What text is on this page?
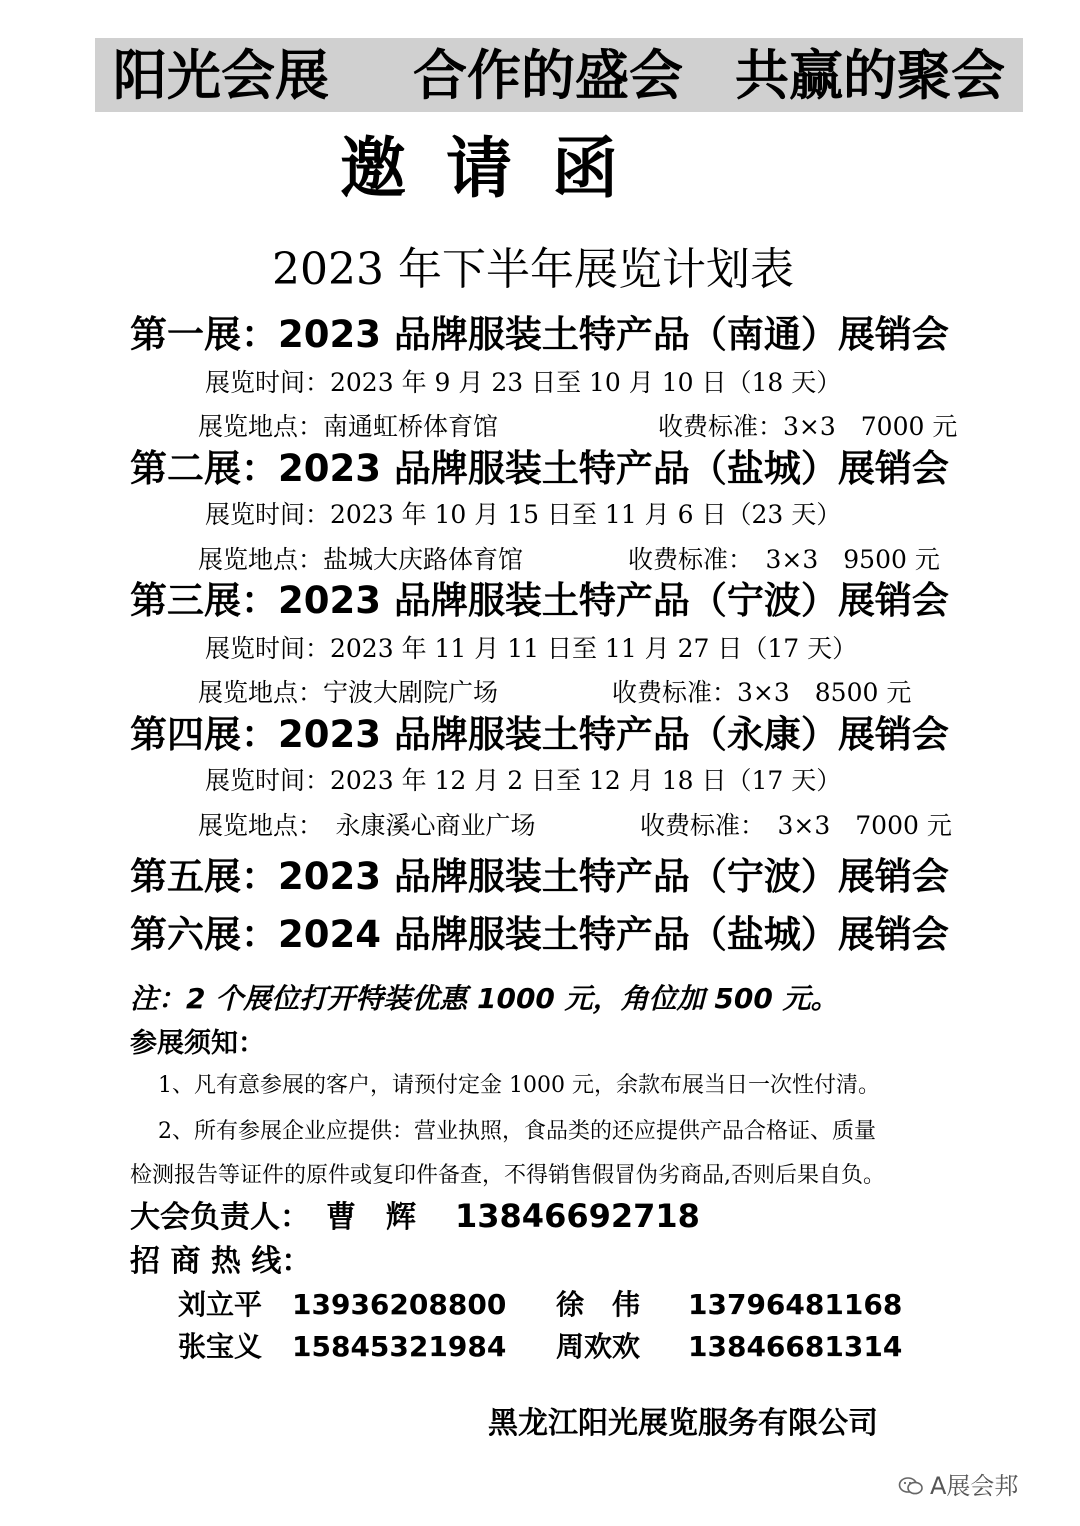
阳光会展 合作的盛会 共赢的聚会
邀请函
2023 年下半年展览计划表
第一展：2023 品牌服装土特产品（南通）展销会
展览时间：2023 年 9 月 23 日至 10 月 10 日（18 天）
展览地点：南通虹桥体育馆	收费标准：3×3　7000 元
第二展：2023 品牌服装土特产品（盐城）展销会
展览时间：2023 年 10 月 15 日至 11 月 6 日（23 天）
展览地点：盐城大庆路体育馆	收费标准：　3×3　9500 元
第三展：2023 品牌服装土特产品（宁波）展销会
展览时间：2023 年 11 月 11 日至 11 月 27 日（17 天）
展览地点：宁波大剧院广场	收费标准：3×3　8500 元
第四展：2023 品牌服装土特产品（永康）展销会
展览时间：2023 年 12 月 2 日至 12 月 18 日（17 天）
展览地点：　永康溪心商业广场	收费标准：　3×3　7000 元
第五展：2023 品牌服装土特产品（宁波）展销会
第六展：2024 品牌服装土特产品（盐城）展销会
注：2 个展位打开特装优惠 1000 元，角位加 500 元。
参展须知：
1、凡有意参展的客户，请预付定金 1000 元，余款布展当日一次性付清。
2、所有参展企业应提供：营业执照，食品类的还应提供产品合格证、质量
检测报告等证件的原件或复印件备查，不得销售假冒伪劣商品,否则后果自负。
大会负责人： 曹　辉 13846692718
招 商 热 线：
刘立平 13936208800 徐　伟 13796481168
张宝义 15845321984 周欢欢 13846681314
黑龙江阳光展览服务有限公司
A展会邦
